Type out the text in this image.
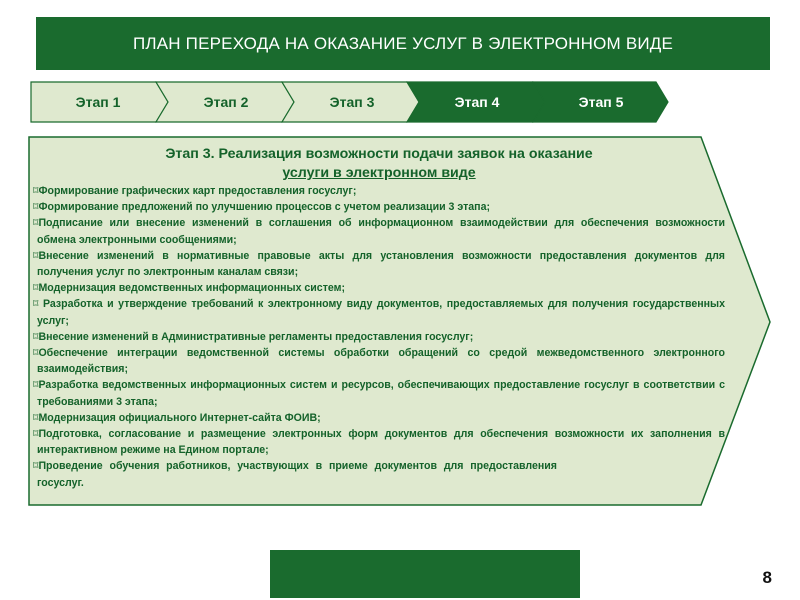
ПЛАН ПЕРЕХОДА НА ОКАЗАНИЕ УСЛУГ В ЭЛЕКТРОННОМ ВИДЕ
Этап 1	Этап 2	Этап 3	Этап 4	Этап 5
Этап 3. Реализация возможности подачи заявок на оказание
услуги в электронном виде
⌑Формирование графических карт предоставления госуслуг;
⌑Формирование предложений по улучшению процессов с учетом реализации 3 этапа;
⌑Подписание или внесение изменений в соглашения об информационном взаимодействии для обеспечения возможности обмена электронными сообщениями;
⌑Внесение изменений в нормативные правовые акты для установления возможности предоставления документов для получения услуг по электронным каналам связи;
⌑Модернизация ведомственных информационных систем;
⌑ Разработка и утверждение требований к электронному виду документов, предоставляемых для получения государственных услуг;
⌑Внесение изменений в Административные регламенты предоставления госуслуг;
⌑Обеспечение интеграции ведомственной системы обработки обращений со средой межведомственного электронного взаимодействия;
⌑Разработка ведомственных информационных систем и ресурсов, обеспечивающих предоставление госуслуг в соответствии с требованиями 3 этапа;
⌑Модернизация официального Интернет-сайта ФОИВ;
⌑Подготовка, согласование и размещение электронных форм документов для обеспечения возможности их заполнения в интерактивном режиме на Едином портале;
⌑Проведение обучения работников, участвующих в приеме документов для предоставления госуслуг.
8
